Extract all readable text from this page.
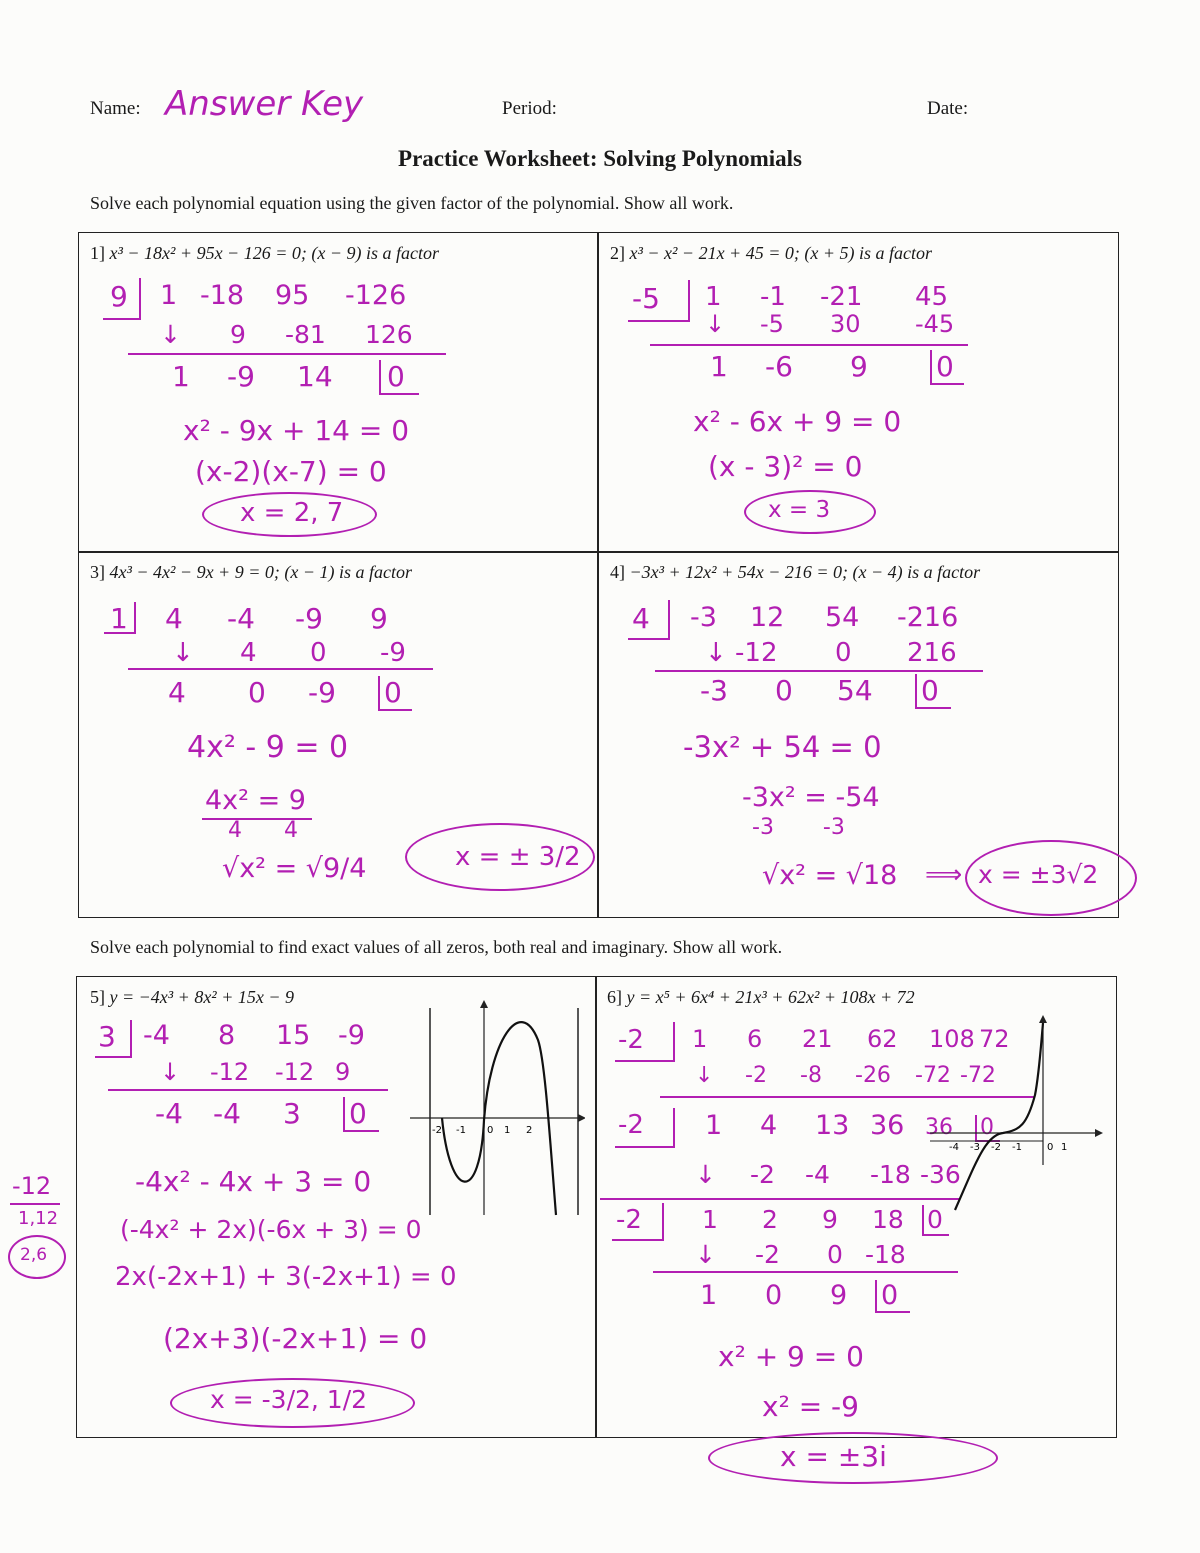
Name: Answer Key	Period:	Date:
Practice Worksheet: Solving Polynomials
Solve each polynomial equation using the given factor of the polynomial. Show all work.
1] x³ − 18x² + 95x − 126 = 0; (x − 9) is a factor
9 1 -18 95 -126
↓ 9 -81 126
1 -9 14 0
x² - 9x + 14 = 0
(x-2)(x-7) = 0
x = 2, 7
2] x³ − x² − 21x + 45 = 0; (x + 5) is a factor
-5 1 -1 -21 45
↓ -5 30 -45
1 -6 9 0
x² - 6x + 9 = 0
(x - 3)² = 0
x = 3
3] 4x³ − 4x² − 9x + 9 = 0; (x − 1) is a factor
1 4 -4 -9 9
↓ 4 0 -9
4 0 -9 0
4x² - 9 = 0
4x² = 9
4      4
√x² = √9/4	x = ± 3/2
4] −3x³ + 12x² + 54x − 216 = 0; (x − 4) is a factor
4 -3 12 54 -216
↓ -12 0 216
-3 0 54 0
-3x² + 54 = 0
-3x² = -54
-3       -3
√x² = √18 ⟹ x = ±3√2
Solve each polynomial to find exact values of all zeros, both real and imaginary. Show all work.
5] y = −4x³ + 8x² + 15x − 9
-12
1,12
2,6
3 -4 8 15 -9
↓ -12 -12 9
-4 -4 3 0
-4x² - 4x + 3 = 0
(-4x² + 2x)(-6x + 3) = 0
2x(-2x+1) + 3(-2x+1) = 0
(2x+3)(-2x+1) = 0
x = -3/2, 1/2
-2 -1 0 1 2
6] y = x⁵ + 6x⁴ + 21x³ + 62x² + 108x + 72
-2 1 6 21 62 108 72
↓ -2 -8 -26 -72 -72
-2 1 4 13 36 36 0
↓ -2 -4 -18 -36
-2 1 2 9 18 0
↓ -2 0 -18
1 0 9 0
x² + 9 = 0
x² = -9
x = ±3i
-4 -3 -2 -1	0 1
